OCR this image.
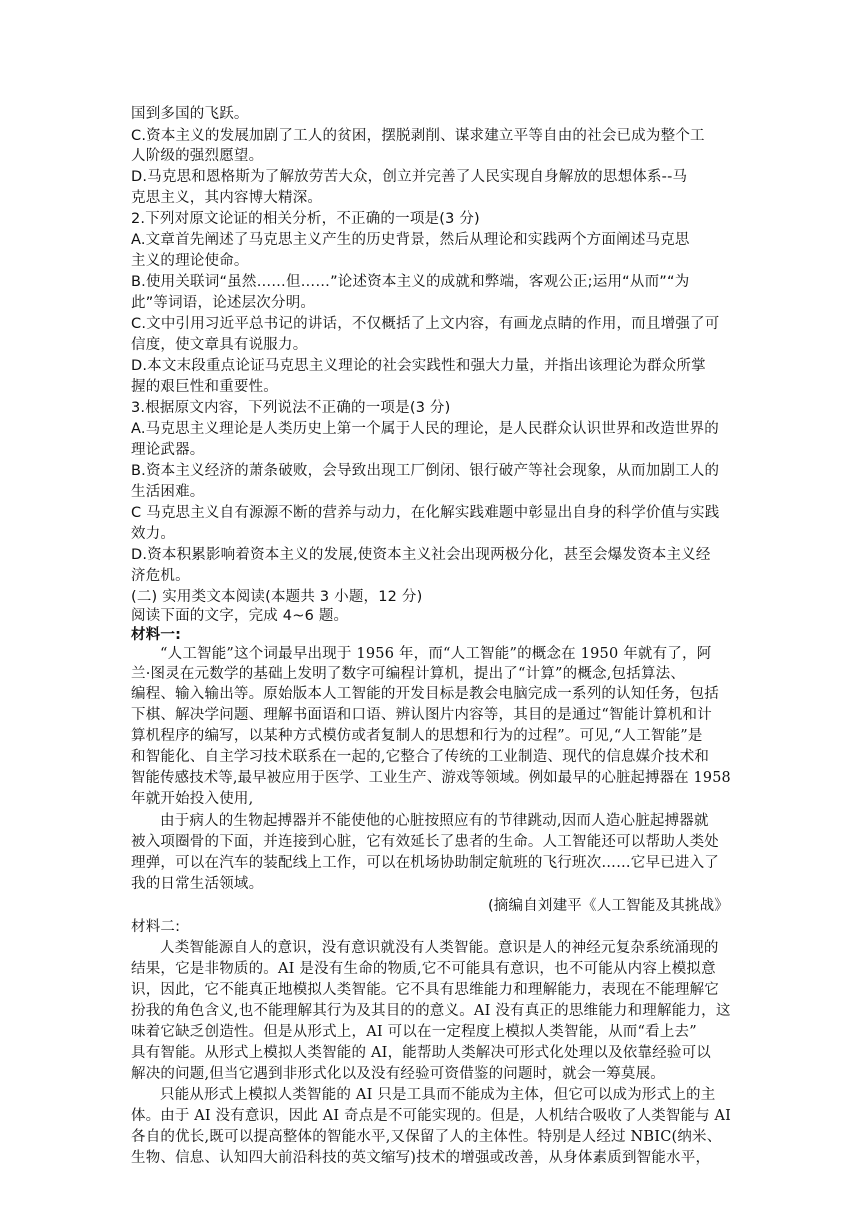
国到多国的飞跃。
C.资本主义的发展加剧了工人的贫困，摆脱剥削、谋求建立平等自由的社会已成为整个工
人阶级的强烈愿望。
D.马克思和恩格斯为了解放劳苦大众，创立并完善了人民实现自身解放的思想体系--马
克思主义，其内容博大精深。
2.下列对原文论证的相关分析，不正确的一项是(3 分)
A.文章首先阐述了马克思主义产生的历史背景，然后从理论和实践两个方面阐述马克思
主义的理论使命。
B.使用关联词“虽然……但……”论述资本主义的成就和弊端，客观公正;运用“从而”“为
此”等词语，论述层次分明。
C.文中引用习近平总书记的讲话，不仅概括了上文内容，有画龙点睛的作用，而且增强了可
信度，使文章具有说服力。
D.本文末段重点论证马克思主义理论的社会实践性和强大力量，并指出该理论为群众所掌
握的艰巨性和重要性。
3.根据原文内容，下列说法不正确的一项是(3 分)
A.马克思主义理论是人类历史上第一个属于人民的理论，是人民群众认识世界和改造世界的
理论武器。
B.资本主义经济的萧条破败，会导致出现工厂倒闭、银行破产等社会现象，从而加剧工人的
生活困难。
C 马克思主义自有源源不断的营养与动力，在化解实践难题中彰显出自身的科学价值与实践
效力。
D.资本积累影响着资本主义的发展,使资本主义社会出现两极分化，甚至会爆发资本主义经
济危机。
(二) 实用类文本阅读(本题共 3 小题，12 分)
阅读下面的文字，完成 4~6 题。
材料一:
“人工智能”这个词最早出现于 1956 年，而“人工智能”的概念在 1950 年就有了，阿
兰·图灵在元数学的基础上发明了数字可编程计算机，提出了“计算”的概念,包括算法、
编程、输入输出等。原始版本人工智能的开发目标是教会电脑完成一系列的认知任务，包括
下棋、解决学问题、理解书面语和口语、辨认图片内容等，其目的是通过“智能计算机和计
算机程序的编写，以某种方式模仿或者复制人的思想和行为的过程”。可见,“人工智能”是
和智能化、自主学习技术联系在一起的,它整合了传统的工业制造、现代的信息媒介技术和
智能传感技术等,最早被应用于医学、工业生产、游戏等领域。例如最早的心脏起搏器在 1958
年就开始投入使用,
由于病人的生物起搏器并不能使他的心脏按照应有的节律跳动,因而人造心脏起搏器就
被入项圈骨的下面，并连接到心脏，它有效延长了患者的生命。人工智能还可以帮助人类处
理弹，可以在汽车的装配线上工作，可以在机场协助制定航班的飞行班次……它早已进入了
我的日常生活领域。
(摘编自刘建平《人工智能及其挑战》
材料二:
人类智能源自人的意识，没有意识就没有人类智能。意识是人的神经元复杂系统涌现的
结果，它是非物质的。AI 是没有生命的物质,它不可能具有意识，也不可能从内容上模拟意
识，因此，它不能真正地模拟人类智能。它不具有思维能力和理解能力，表现在不能理解它
扮我的角色含义,也不能理解其行为及其目的的意义。AI 没有真正的思维能力和理解能力，这
味着它缺乏创造性。但是从形式上，AI 可以在一定程度上模拟人类智能，从而“看上去”
具有智能。从形式上模拟人类智能的 AI，能帮助人类解决可形式化处理以及依靠经验可以
解决的问题,但当它遇到非形式化以及没有经验可资借鉴的问题时，就会一筹莫展。
只能从形式上模拟人类智能的 AI 只是工具而不能成为主体，但它可以成为形式上的主
体。由于 AI 没有意识，因此 AI 奇点是不可能实现的。但是，人机结合吸收了人类智能与 AI
各自的优长,既可以提高整体的智能水平,又保留了人的主体性。特别是人经过 NBIC(纳米、
生物、信息、认知四大前沿科技的英文缩写)技术的增强或改善，从身体素质到智能水平，
